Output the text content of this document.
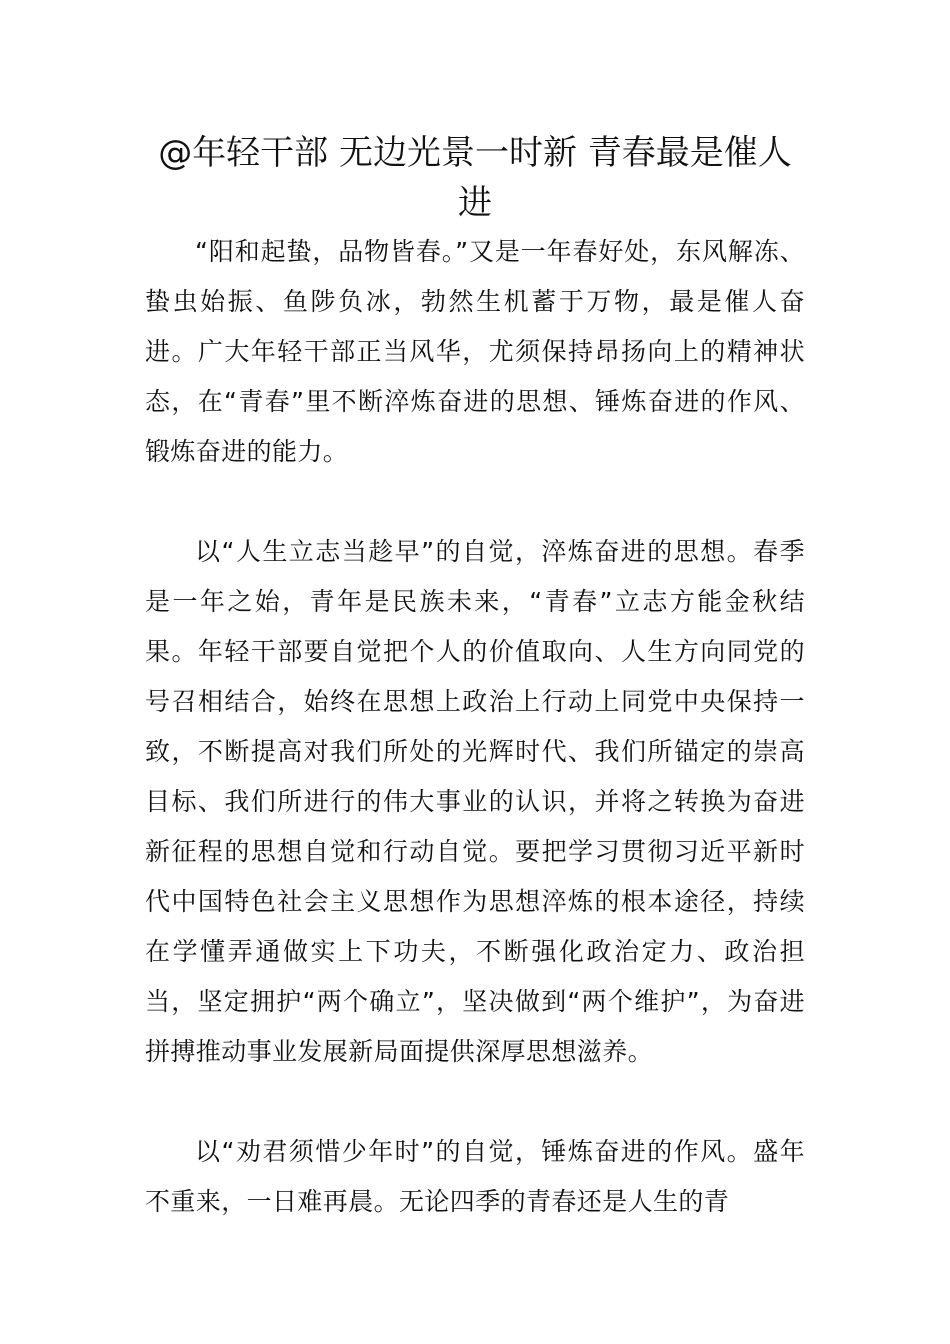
@年轻干部 无边光景一时新 青春最是催人进

“阳和起蛰，品物皆春。”又是一年春好处，东风解冻、蛰虫始振、鱼陟负冰，勃然生机蓄于万物，最是催人奋进。广大年轻干部正当风华，尤须保持昂扬向上的精神状态，在“青春”里不断淬炼奋进的思想、锤炼奋进的作风、锻炼奋进的能力。

以“人生立志当趁早”的自觉，淬炼奋进的思想。春季是一年之始，青年是民族未来，“青春”立志方能金秋结果。年轻干部要自觉把个人的价值取向、人生方向同党的号召相结合，始终在思想上政治上行动上同党中央保持一致，不断提高对我们所处的光辉时代、我们所锚定的崇高目标、我们所进行的伟大事业的认识，并将之转换为奋进新征程的思想自觉和行动自觉。要把学习贯彻习近平新时代中国特色社会主义思想作为思想淬炼的根本途径，持续在学懂弄通做实上下功夫，不断强化政治定力、政治担当，坚定拥护“两个确立”，坚决做到“两个维护”，为奋进拼搏推动事业发展新局面提供深厚思想滋养。

以“劝君须惜少年时”的自觉，锤炼奋进的作风。盛年不重来，一日难再晨。无论四季的青春还是人生的青
